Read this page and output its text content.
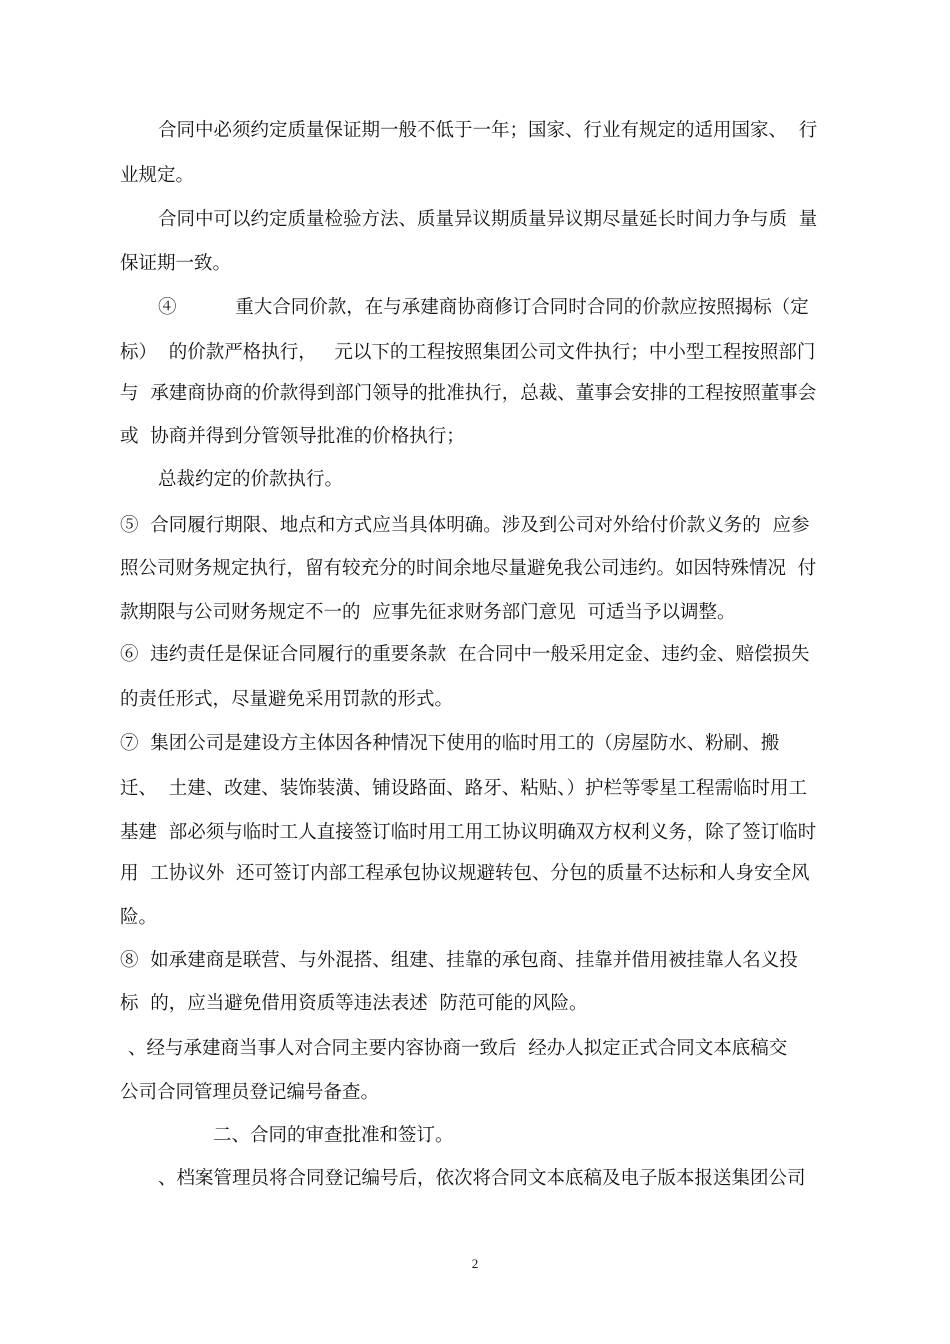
合同中必须约定质量保证期一般不低于一年；国家、行业有规定的适用国家、  行
业规定。
合同中可以约定质量检验方法、质量异议期质量异议期尽量延长时间力争与质  量
保证期一致。
④          重大合同价款，在与承建商协商修订合同时合同的价款应按照揭标（定
标）  的价款严格执行，   元以下的工程按照集团公司文件执行；中小型工程按照部门
与  承建商协商的价款得到部门领导的批准执行，总裁、董事会安排的工程按照董事会
或  协商并得到分管领导批准的价格执行；
总裁约定的价款执行。
⑤  合同履行期限、地点和方式应当具体明确。涉及到公司对外给付价款义务的  应参
照公司财务规定执行，留有较充分的时间余地尽量避免我公司违约。如因特殊情况  付
款期限与公司财务规定不一的  应事先征求财务部门意见  可适当予以调整。
⑥  违约责任是保证合同履行的重要条款  在合同中一般采用定金、违约金、赔偿损失
的责任形式，尽量避免采用罚款的形式。
⑦  集团公司是建设方主体因各种情况下使用的临时用工的（房屋防水、粉刷、搬
迁、  土建、改建、装饰装潢、铺设路面、路牙、粘贴、）护栏等零星工程需临时用工
基建  部必须与临时工人直接签订临时用工用工协议明确双方权利义务，除了签订临时
用  工协议外  还可签订内部工程承包协议规避转包、分包的质量不达标和人身安全风
险。
⑧  如承建商是联营、与外混搭、组建、挂靠的承包商、挂靠并借用被挂靠人名义投
标  的，应当避免借用资质等违法表述  防范可能的风险。
、经与承建商当事人对合同主要内容协商一致后  经办人拟定正式合同文本底稿交
公司合同管理员登记编号备查。
二、合同的审查批准和签订。
、档案管理员将合同登记编号后，依次将合同文本底稿及电子版本报送集团公司
2
